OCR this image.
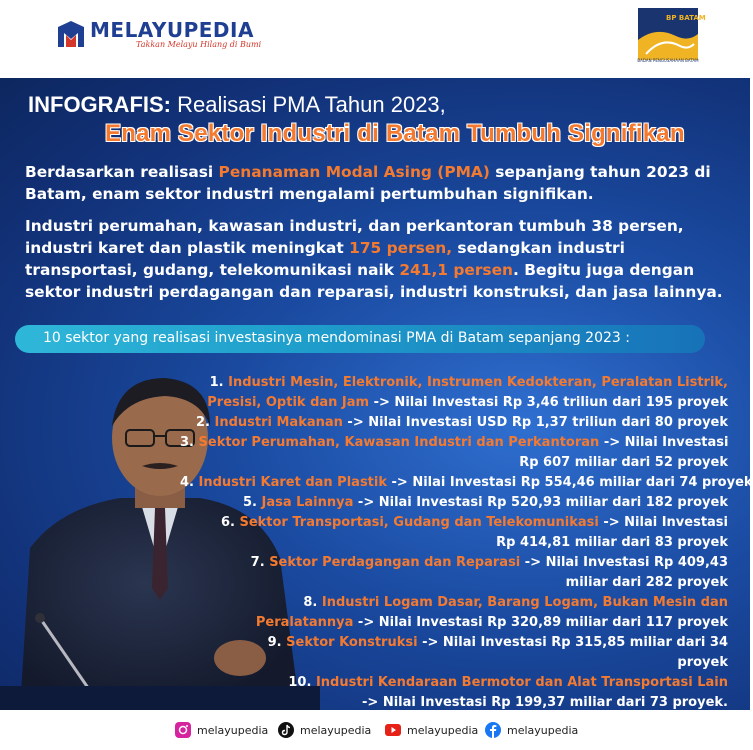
MELAYUPEDIA
Takkan Melayu Hilang di Bumi
BP BATAM
BADAN PENGUSAHAAN BATAM
INFOGRAFIS: Realisasi PMA Tahun 2023,
Enam Sektor Industri di Batam Tumbuh Signifikan
Berdasarkan realisasi Penanaman Modal Asing (PMA) sepanjang tahun 2023 di
Batam, enam sektor industri mengalami pertumbuhan signifikan.
Industri perumahan, kawasan industri, dan perkantoran tumbuh 38 persen,
industri karet dan plastik meningkat 175 persen, sedangkan industri
transportasi, gudang, telekomunikasi naik 241,1 persen. Begitu juga dengan
sektor industri perdagangan dan reparasi, industri konstruksi, dan jasa lainnya.
10 sektor yang realisasi investasinya mendominasi PMA di Batam sepanjang 2023 :
1. Industri Mesin, Elektronik, Instrumen Kedokteran, Peralatan Listrik,
Presisi, Optik dan Jam -> Nilai Investasi Rp 3,46 triliun dari 195 proyek
2. Industri Makanan -> Nilai Investasi USD Rp 1,37 triliun dari 80 proyek
3. Sektor Perumahan, Kawasan Industri dan Perkantoran -> Nilai Investasi
Rp 607 miliar dari 52 proyek
4. Industri Karet dan Plastik -> Nilai Investasi Rp 554,46 miliar dari 74 proyek
5. Jasa Lainnya -> Nilai Investasi Rp 520,93 miliar dari 182 proyek
6. Sektor Transportasi, Gudang dan Telekomunikasi -> Nilai Investasi
Rp 414,81 miliar dari 83 proyek
7. Sektor Perdagangan dan Reparasi -> Nilai Investasi Rp 409,43
miliar dari 282 proyek
8. Industri Logam Dasar, Barang Logam, Bukan Mesin dan
Peralatannya -> Nilai Investasi Rp 320,89 miliar dari 117 proyek
9. Sektor Konstruksi -> Nilai Investasi Rp 315,85 miliar dari 34
proyek
10. Industri Kendaraan Bermotor dan Alat Transportasi Lain
-> Nilai Investasi Rp 199,37 miliar dari 73 proyek.
melayupedia	melayupedia	melayupedia	melayupedia
